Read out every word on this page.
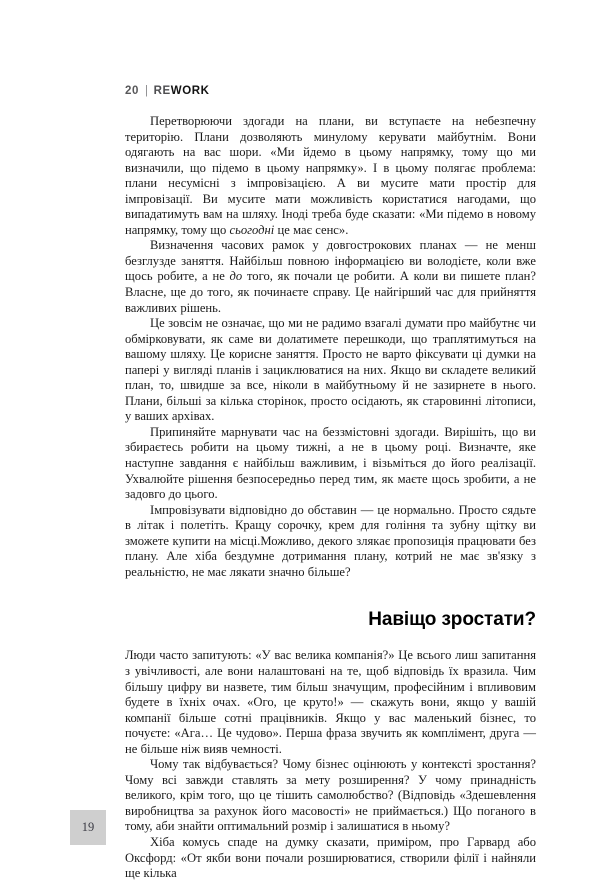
20 | REWORK

Перетворюючи здогади на плани, ви вступаєте на небезпечну територію. Плани дозволяють минулому керувати майбутнім. Вони одягають на вас шори. «Ми йдемо в цьому напрямку, тому що ми визначили, що підемо в цьому напрямку». І в цьому полягає проблема: плани несумісні з імпровізацією. А ви мусите мати простір для імпровізації. Ви мусите мати можливість користатися нагодами, що випадатимуть вам на шляху. Іноді треба буде сказати: «Ми підемо в новому напрямку, тому що сьогодні це має сенс».

Визначення часових рамок у довгострокових планах — не менш безглузде заняття. Найбільш повною інформацією ви володієте, коли вже щось робите, а не до того, як почали це робити. А коли ви пишете план? Власне, ще до того, як починаєте справу. Це найгірший час для прийняття важливих рішень.

Це зовсім не означає, що ми не радимо взагалі думати про майбутнє чи обмірковувати, як саме ви долатимете перешкоди, що траплятимуться на вашому шляху. Це корисне заняття. Просто не варто фіксувати ці думки на папері у вигляді планів і зациклюватися на них. Якщо ви складете великий план, то, швидше за все, ніколи в майбутньому й не зазирнете в нього. Плани, більші за кілька сторінок, просто осідають, як старовинні літописи, у ваших архівах.

Припиняйте марнувати час на беззмістовні здогади. Вирішіть, що ви збираєтесь робити на цьому тижні, а не в цьому році. Визначте, яке наступне завдання є найбільш важливим, і візьміться до його реалізації. Ухвалюйте рішення безпосередньо перед тим, як маєте щось зробити, а не задовго до цього.

Імпровізувати відповідно до обставин — це нормально. Просто сядьте в літак і полетіть. Кращу сорочку, крем для гоління та зубну щітку ви зможете купити на місці.Можливо, декого злякає пропозиція працювати без плану. Але хіба бездумне дотримання плану, котрий не має зв'язку з реальністю, не має лякати значно більше?

Навіщо зростати?

Люди часто запитують: «У вас велика компанія?» Це всього лиш запитання з увічливості, але вони налаштовані на те, щоб відповідь їх вразила. Чим більшу цифру ви назвете, тим більш значущим, професійним і впливовим будете в їхніх очах. «Ого, це круто!» — скажуть вони, якщо у вашій компанії більше сотні працівників. Якщо у вас маленький бізнес, то почуєте: «Ага… Це чудово». Перша фраза звучить як комплімент, друга — не більше ніж вияв чемності.

Чому так відбувається? Чому бізнес оцінюють у контексті зростання? Чому всі завжди ставлять за мету розширення? У чому принадність великого, крім того, що це тішить самолюбство? (Відповідь «Здешевлення виробництва за рахунок його масовості» не приймається.) Що поганого в тому, аби знайти оптимальний розмір і залишатися в ньому?

Хіба комусь спаде на думку сказати, приміром, про Гарвард або Оксфорд: «От якби вони почали розширюватися, створили філії і найняли ще кілька

19
